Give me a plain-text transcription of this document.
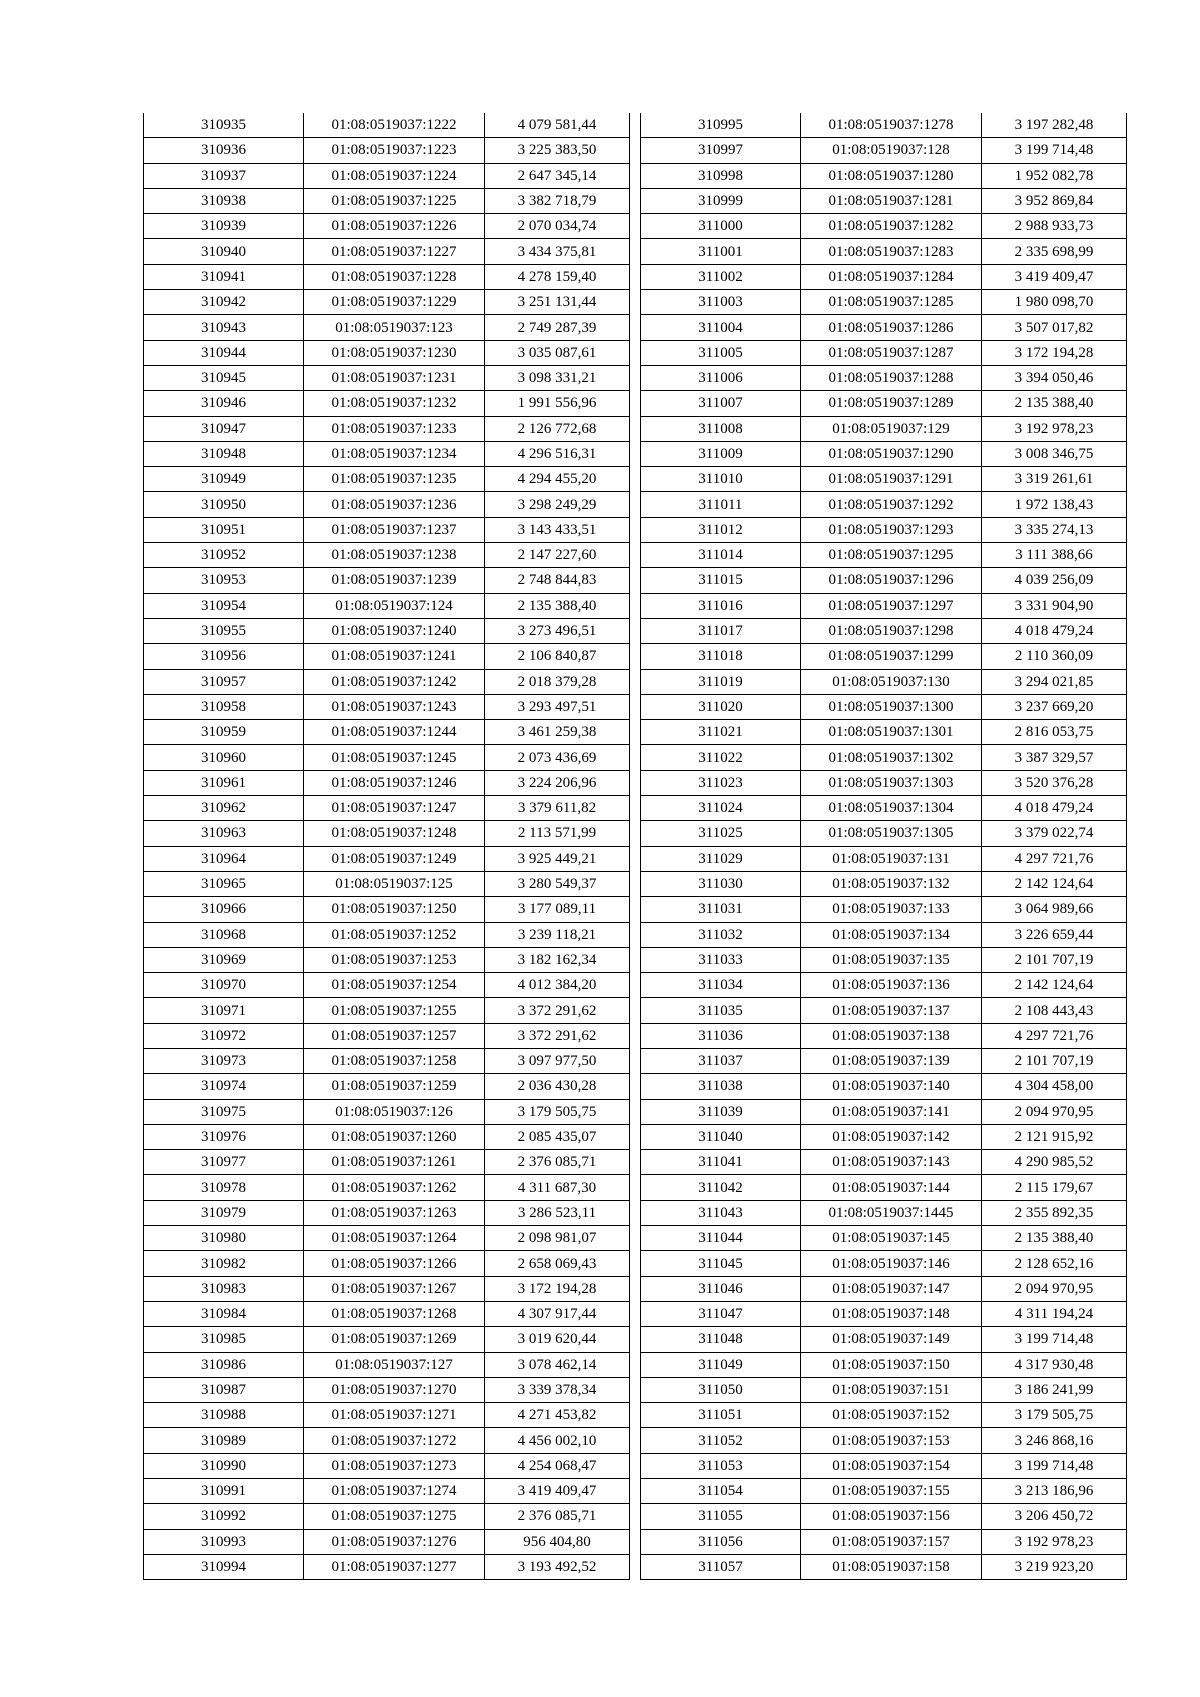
310935	01:08:0519037:1222	4 079 581,44
310936	01:08:0519037:1223	3 225 383,50
310937	01:08:0519037:1224	2 647 345,14
310938	01:08:0519037:1225	3 382 718,79
310939	01:08:0519037:1226	2 070 034,74
310940	01:08:0519037:1227	3 434 375,81
310941	01:08:0519037:1228	4 278 159,40
310942	01:08:0519037:1229	3 251 131,44
310943	01:08:0519037:123	2 749 287,39
310944	01:08:0519037:1230	3 035 087,61
310945	01:08:0519037:1231	3 098 331,21
310946	01:08:0519037:1232	1 991 556,96
310947	01:08:0519037:1233	2 126 772,68
310948	01:08:0519037:1234	4 296 516,31
310949	01:08:0519037:1235	4 294 455,20
310950	01:08:0519037:1236	3 298 249,29
310951	01:08:0519037:1237	3 143 433,51
310952	01:08:0519037:1238	2 147 227,60
310953	01:08:0519037:1239	2 748 844,83
310954	01:08:0519037:124	2 135 388,40
310955	01:08:0519037:1240	3 273 496,51
310956	01:08:0519037:1241	2 106 840,87
310957	01:08:0519037:1242	2 018 379,28
310958	01:08:0519037:1243	3 293 497,51
310959	01:08:0519037:1244	3 461 259,38
310960	01:08:0519037:1245	2 073 436,69
310961	01:08:0519037:1246	3 224 206,96
310962	01:08:0519037:1247	3 379 611,82
310963	01:08:0519037:1248	2 113 571,99
310964	01:08:0519037:1249	3 925 449,21
310965	01:08:0519037:125	3 280 549,37
310966	01:08:0519037:1250	3 177 089,11
310968	01:08:0519037:1252	3 239 118,21
310969	01:08:0519037:1253	3 182 162,34
310970	01:08:0519037:1254	4 012 384,20
310971	01:08:0519037:1255	3 372 291,62
310972	01:08:0519037:1257	3 372 291,62
310973	01:08:0519037:1258	3 097 977,50
310974	01:08:0519037:1259	2 036 430,28
310975	01:08:0519037:126	3 179 505,75
310976	01:08:0519037:1260	2 085 435,07
310977	01:08:0519037:1261	2 376 085,71
310978	01:08:0519037:1262	4 311 687,30
310979	01:08:0519037:1263	3 286 523,11
310980	01:08:0519037:1264	2 098 981,07
310982	01:08:0519037:1266	2 658 069,43
310983	01:08:0519037:1267	3 172 194,28
310984	01:08:0519037:1268	4 307 917,44
310985	01:08:0519037:1269	3 019 620,44
310986	01:08:0519037:127	3 078 462,14
310987	01:08:0519037:1270	3 339 378,34
310988	01:08:0519037:1271	4 271 453,82
310989	01:08:0519037:1272	4 456 002,10
310990	01:08:0519037:1273	4 254 068,47
310991	01:08:0519037:1274	3 419 409,47
310992	01:08:0519037:1275	2 376 085,71
310993	01:08:0519037:1276	956 404,80
310994	01:08:0519037:1277	3 193 492,52
310995	01:08:0519037:1278	3 197 282,48
310997	01:08:0519037:128	3 199 714,48
310998	01:08:0519037:1280	1 952 082,78
310999	01:08:0519037:1281	3 952 869,84
311000	01:08:0519037:1282	2 988 933,73
311001	01:08:0519037:1283	2 335 698,99
311002	01:08:0519037:1284	3 419 409,47
311003	01:08:0519037:1285	1 980 098,70
311004	01:08:0519037:1286	3 507 017,82
311005	01:08:0519037:1287	3 172 194,28
311006	01:08:0519037:1288	3 394 050,46
311007	01:08:0519037:1289	2 135 388,40
311008	01:08:0519037:129	3 192 978,23
311009	01:08:0519037:1290	3 008 346,75
311010	01:08:0519037:1291	3 319 261,61
311011	01:08:0519037:1292	1 972 138,43
311012	01:08:0519037:1293	3 335 274,13
311014	01:08:0519037:1295	3 111 388,66
311015	01:08:0519037:1296	4 039 256,09
311016	01:08:0519037:1297	3 331 904,90
311017	01:08:0519037:1298	4 018 479,24
311018	01:08:0519037:1299	2 110 360,09
311019	01:08:0519037:130	3 294 021,85
311020	01:08:0519037:1300	3 237 669,20
311021	01:08:0519037:1301	2 816 053,75
311022	01:08:0519037:1302	3 387 329,57
311023	01:08:0519037:1303	3 520 376,28
311024	01:08:0519037:1304	4 018 479,24
311025	01:08:0519037:1305	3 379 022,74
311029	01:08:0519037:131	4 297 721,76
311030	01:08:0519037:132	2 142 124,64
311031	01:08:0519037:133	3 064 989,66
311032	01:08:0519037:134	3 226 659,44
311033	01:08:0519037:135	2 101 707,19
311034	01:08:0519037:136	2 142 124,64
311035	01:08:0519037:137	2 108 443,43
311036	01:08:0519037:138	4 297 721,76
311037	01:08:0519037:139	2 101 707,19
311038	01:08:0519037:140	4 304 458,00
311039	01:08:0519037:141	2 094 970,95
311040	01:08:0519037:142	2 121 915,92
311041	01:08:0519037:143	4 290 985,52
311042	01:08:0519037:144	2 115 179,67
311043	01:08:0519037:1445	2 355 892,35
311044	01:08:0519037:145	2 135 388,40
311045	01:08:0519037:146	2 128 652,16
311046	01:08:0519037:147	2 094 970,95
311047	01:08:0519037:148	4 311 194,24
311048	01:08:0519037:149	3 199 714,48
311049	01:08:0519037:150	4 317 930,48
311050	01:08:0519037:151	3 186 241,99
311051	01:08:0519037:152	3 179 505,75
311052	01:08:0519037:153	3 246 868,16
311053	01:08:0519037:154	3 199 714,48
311054	01:08:0519037:155	3 213 186,96
311055	01:08:0519037:156	3 206 450,72
311056	01:08:0519037:157	3 192 978,23
311057	01:08:0519037:158	3 219 923,20
